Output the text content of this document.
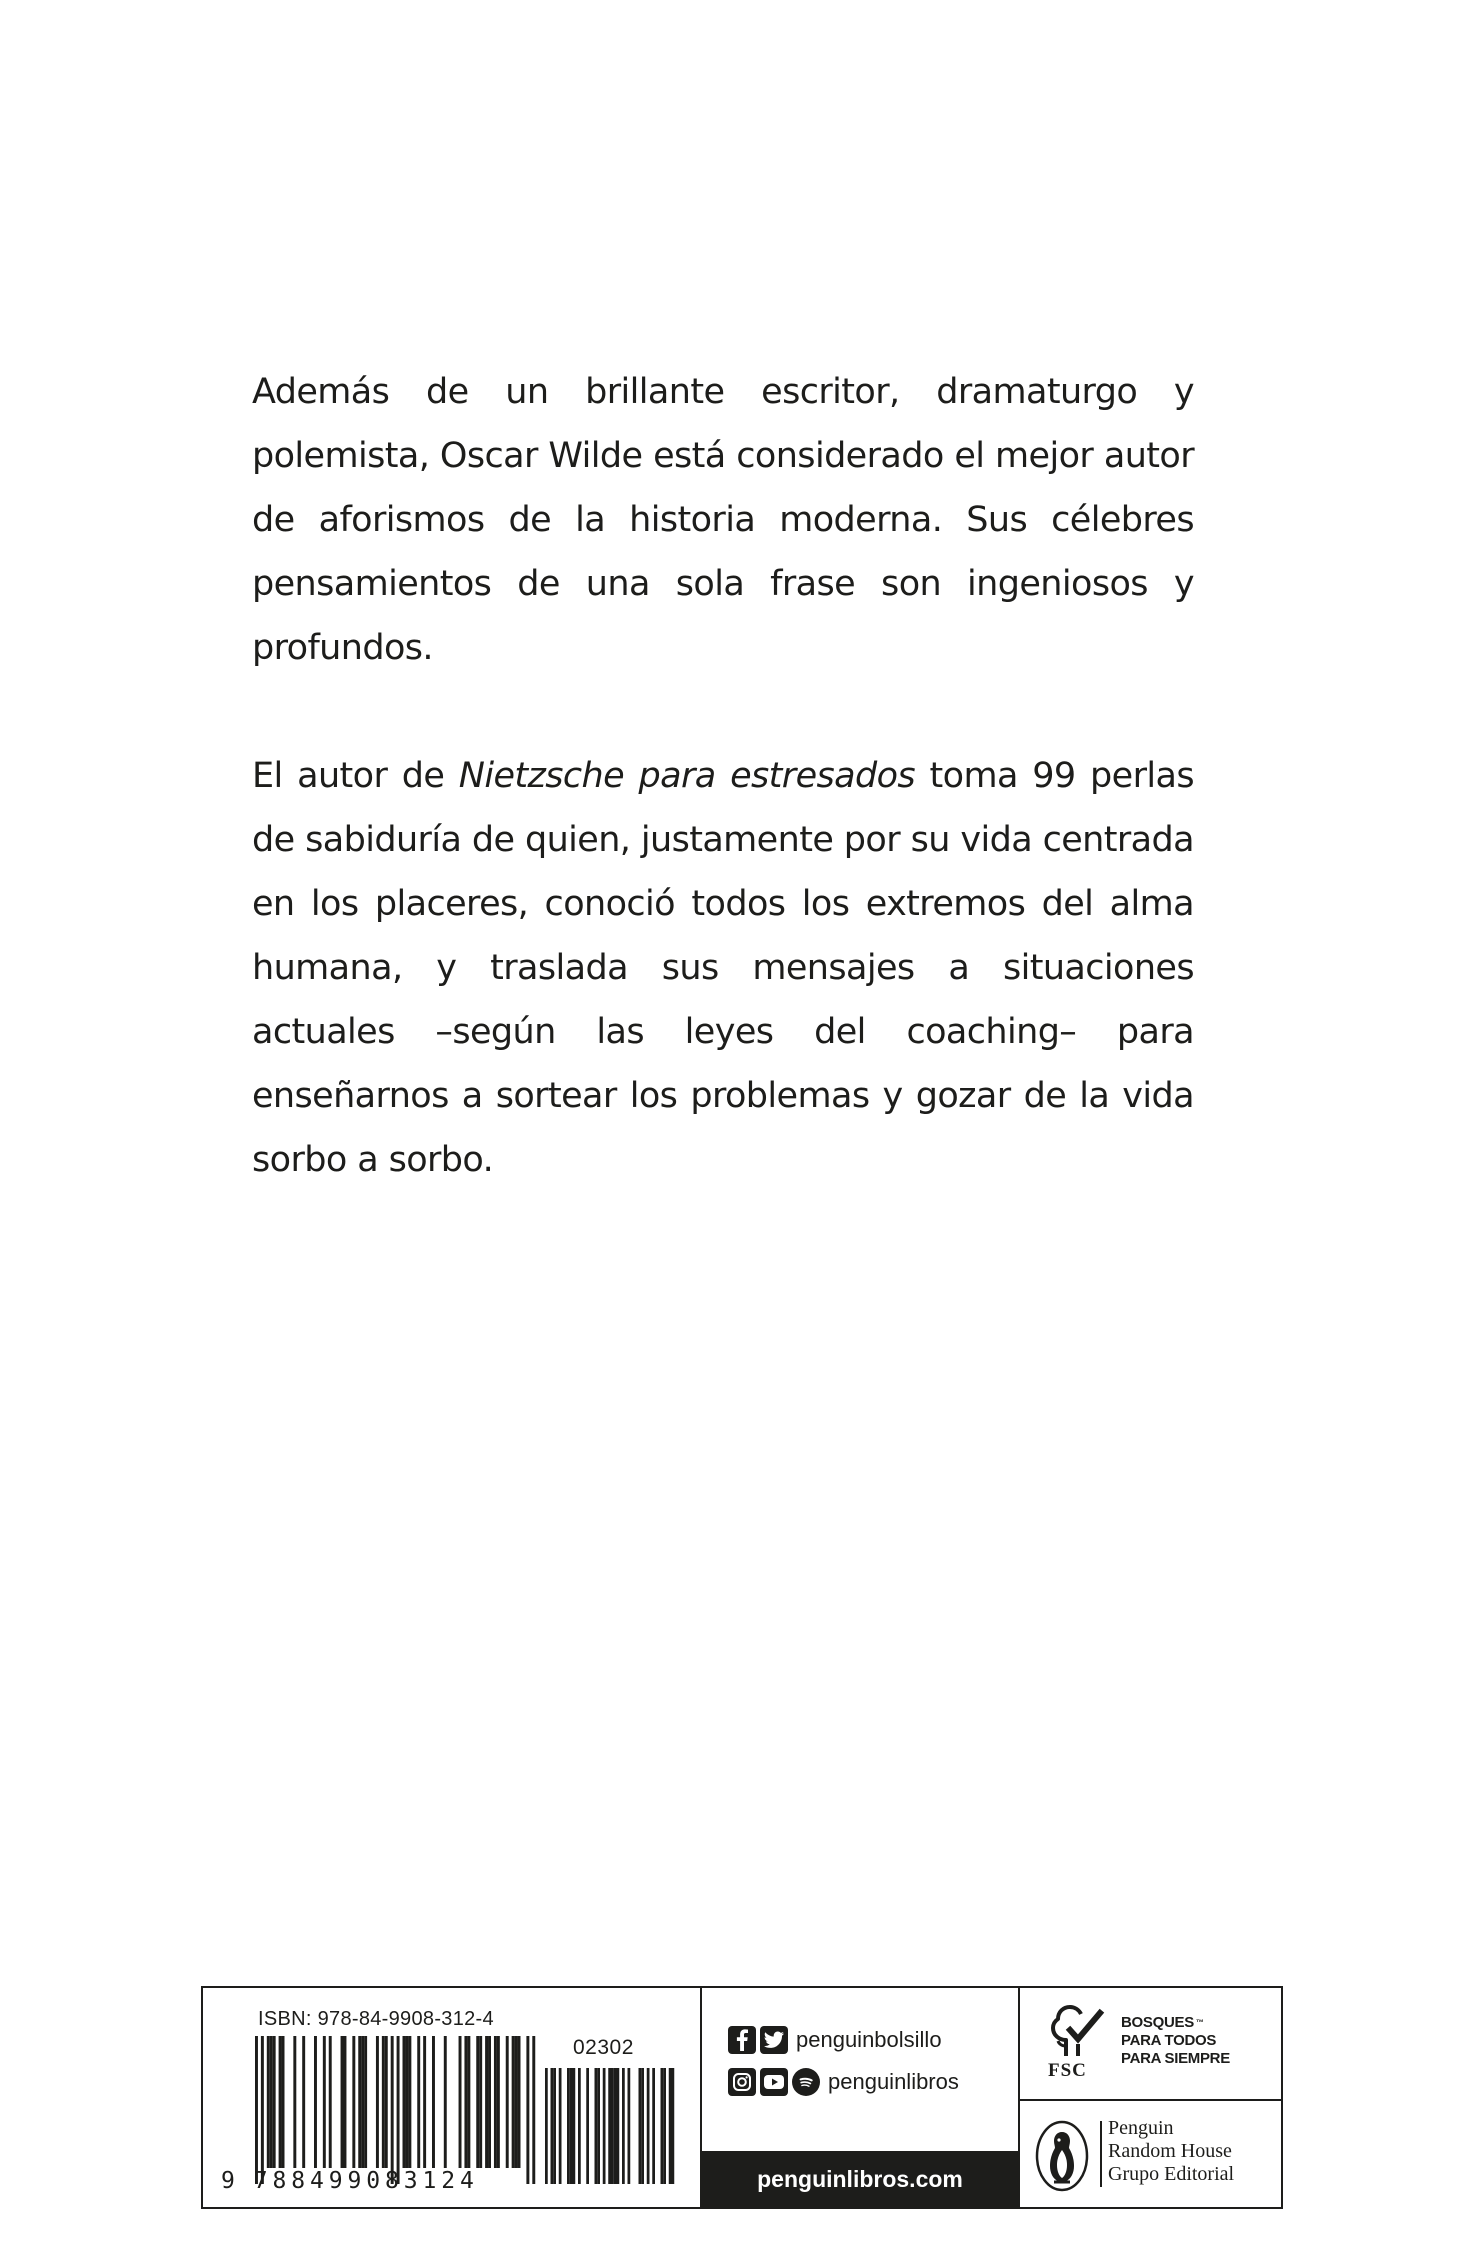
Además de un brillante escritor, dramaturgo y polemista, Oscar Wilde está considerado el mejor autor de aforismos de la historia moderna. Sus célebres pensamientos de una sola frase son ingeniosos y profundos.

El autor de Nietzsche para estresados toma 99 perlas de sabiduría de quien, justamente por su vida centrada en los placeres, conoció todos los extremos del alma humana, y traslada sus mensajes a situaciones actuales –según las leyes del coaching– para enseñarnos a sortear los problemas y gozar de la vida sorbo a sorbo.

ISBN: 978-84-9908-312-4
02302
9 788499083124
penguinbolsillo
penguinlibros
penguinlibros.com
FSC
BOSQUES ™
PARA TODOS
PARA SIEMPRE
Penguin
Random House
Grupo Editorial
